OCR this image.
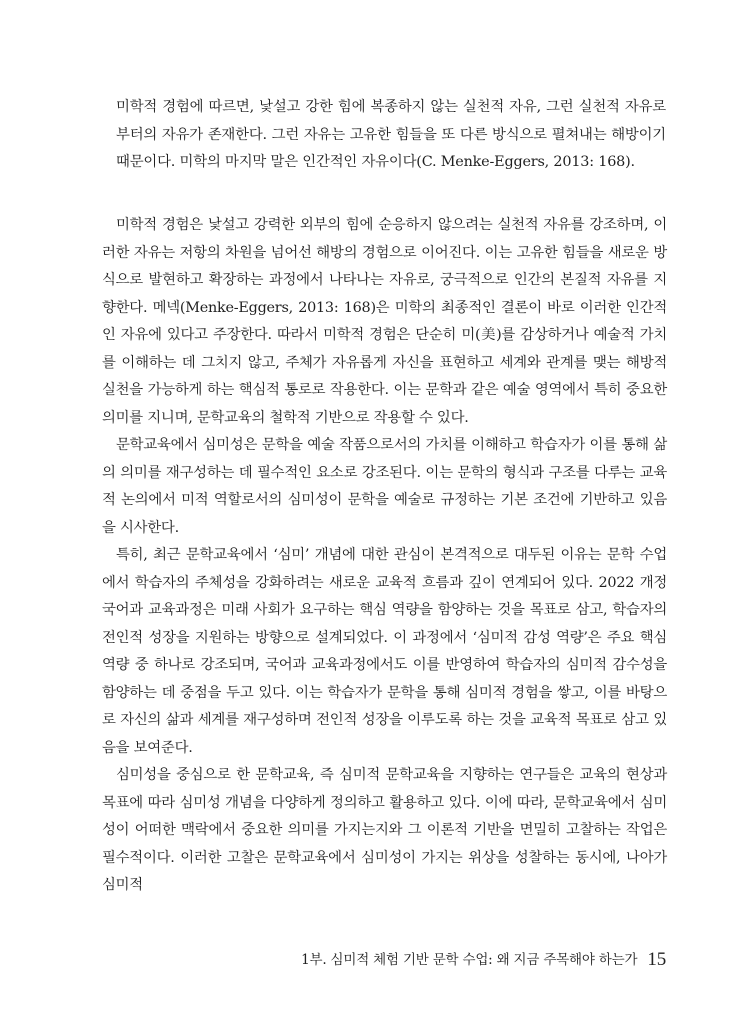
미학적 경험에 따르면, 낯설고 강한 힘에 복종하지 않는 실천적 자유, 그런 실천적 자유로부터의 자유가 존재한다. 그런 자유는 고유한 힘들을 또 다른 방식으로 펼쳐내는 해방이기 때문이다. 미학의 마지막 말은 인간적인 자유이다(C. Menke-Eggers, 2013: 168).

미학적 경험은 낯설고 강력한 외부의 힘에 순응하지 않으려는 실천적 자유를 강조하며, 이러한 자유는 저항의 차원을 넘어선 해방의 경험으로 이어진다. 이는 고유한 힘들을 새로운 방식으로 발현하고 확장하는 과정에서 나타나는 자유로, 궁극적으로 인간의 본질적 자유를 지향한다. 메넥(Menke-Eggers, 2013: 168)은 미학의 최종적인 결론이 바로 이러한 인간적인 자유에 있다고 주장한다. 따라서 미학적 경험은 단순히 미(美)를 감상하거나 예술적 가치를 이해하는 데 그치지 않고, 주체가 자유롭게 자신을 표현하고 세계와 관계를 맺는 해방적 실천을 가능하게 하는 핵심적 통로로 작용한다. 이는 문학과 같은 예술 영역에서 특히 중요한 의미를 지니며, 문학교육의 철학적 기반으로 작용할 수 있다.

문학교육에서 심미성은 문학을 예술 작품으로서의 가치를 이해하고 학습자가 이를 통해 삶의 의미를 재구성하는 데 필수적인 요소로 강조된다. 이는 문학의 형식과 구조를 다루는 교육적 논의에서 미적 역할로서의 심미성이 문학을 예술로 규정하는 기본 조건에 기반하고 있음을 시사한다.

특히, 최근 문학교육에서 ‘심미’ 개념에 대한 관심이 본격적으로 대두된 이유는 문학 수업에서 학습자의 주체성을 강화하려는 새로운 교육적 흐름과 깊이 연계되어 있다. 2022 개정 국어과 교육과정은 미래 사회가 요구하는 핵심 역량을 함양하는 것을 목표로 삼고, 학습자의 전인적 성장을 지원하는 방향으로 설계되었다. 이 과정에서 ‘심미적 감성 역량’은 주요 핵심 역량 중 하나로 강조되며, 국어과 교육과정에서도 이를 반영하여 학습자의 심미적 감수성을 함양하는 데 중점을 두고 있다. 이는 학습자가 문학을 통해 심미적 경험을 쌓고, 이를 바탕으로 자신의 삶과 세계를 재구성하며 전인적 성장을 이루도록 하는 것을 교육적 목표로 삼고 있음을 보여준다.

심미성을 중심으로 한 문학교육, 즉 심미적 문학교육을 지향하는 연구들은 교육의 현상과 목표에 따라 심미성 개념을 다양하게 정의하고 활용하고 있다. 이에 따라, 문학교육에서 심미성이 어떠한 맥락에서 중요한 의미를 가지는지와 그 이론적 기반을 면밀히 고찰하는 작업은 필수적이다. 이러한 고찰은 문학교육에서 심미성이 가지는 위상을 성찰하는 동시에, 나아가 심미적

1부. 심미적 체험 기반 문학 수업: 왜 지금 주목해야 하는가 15
